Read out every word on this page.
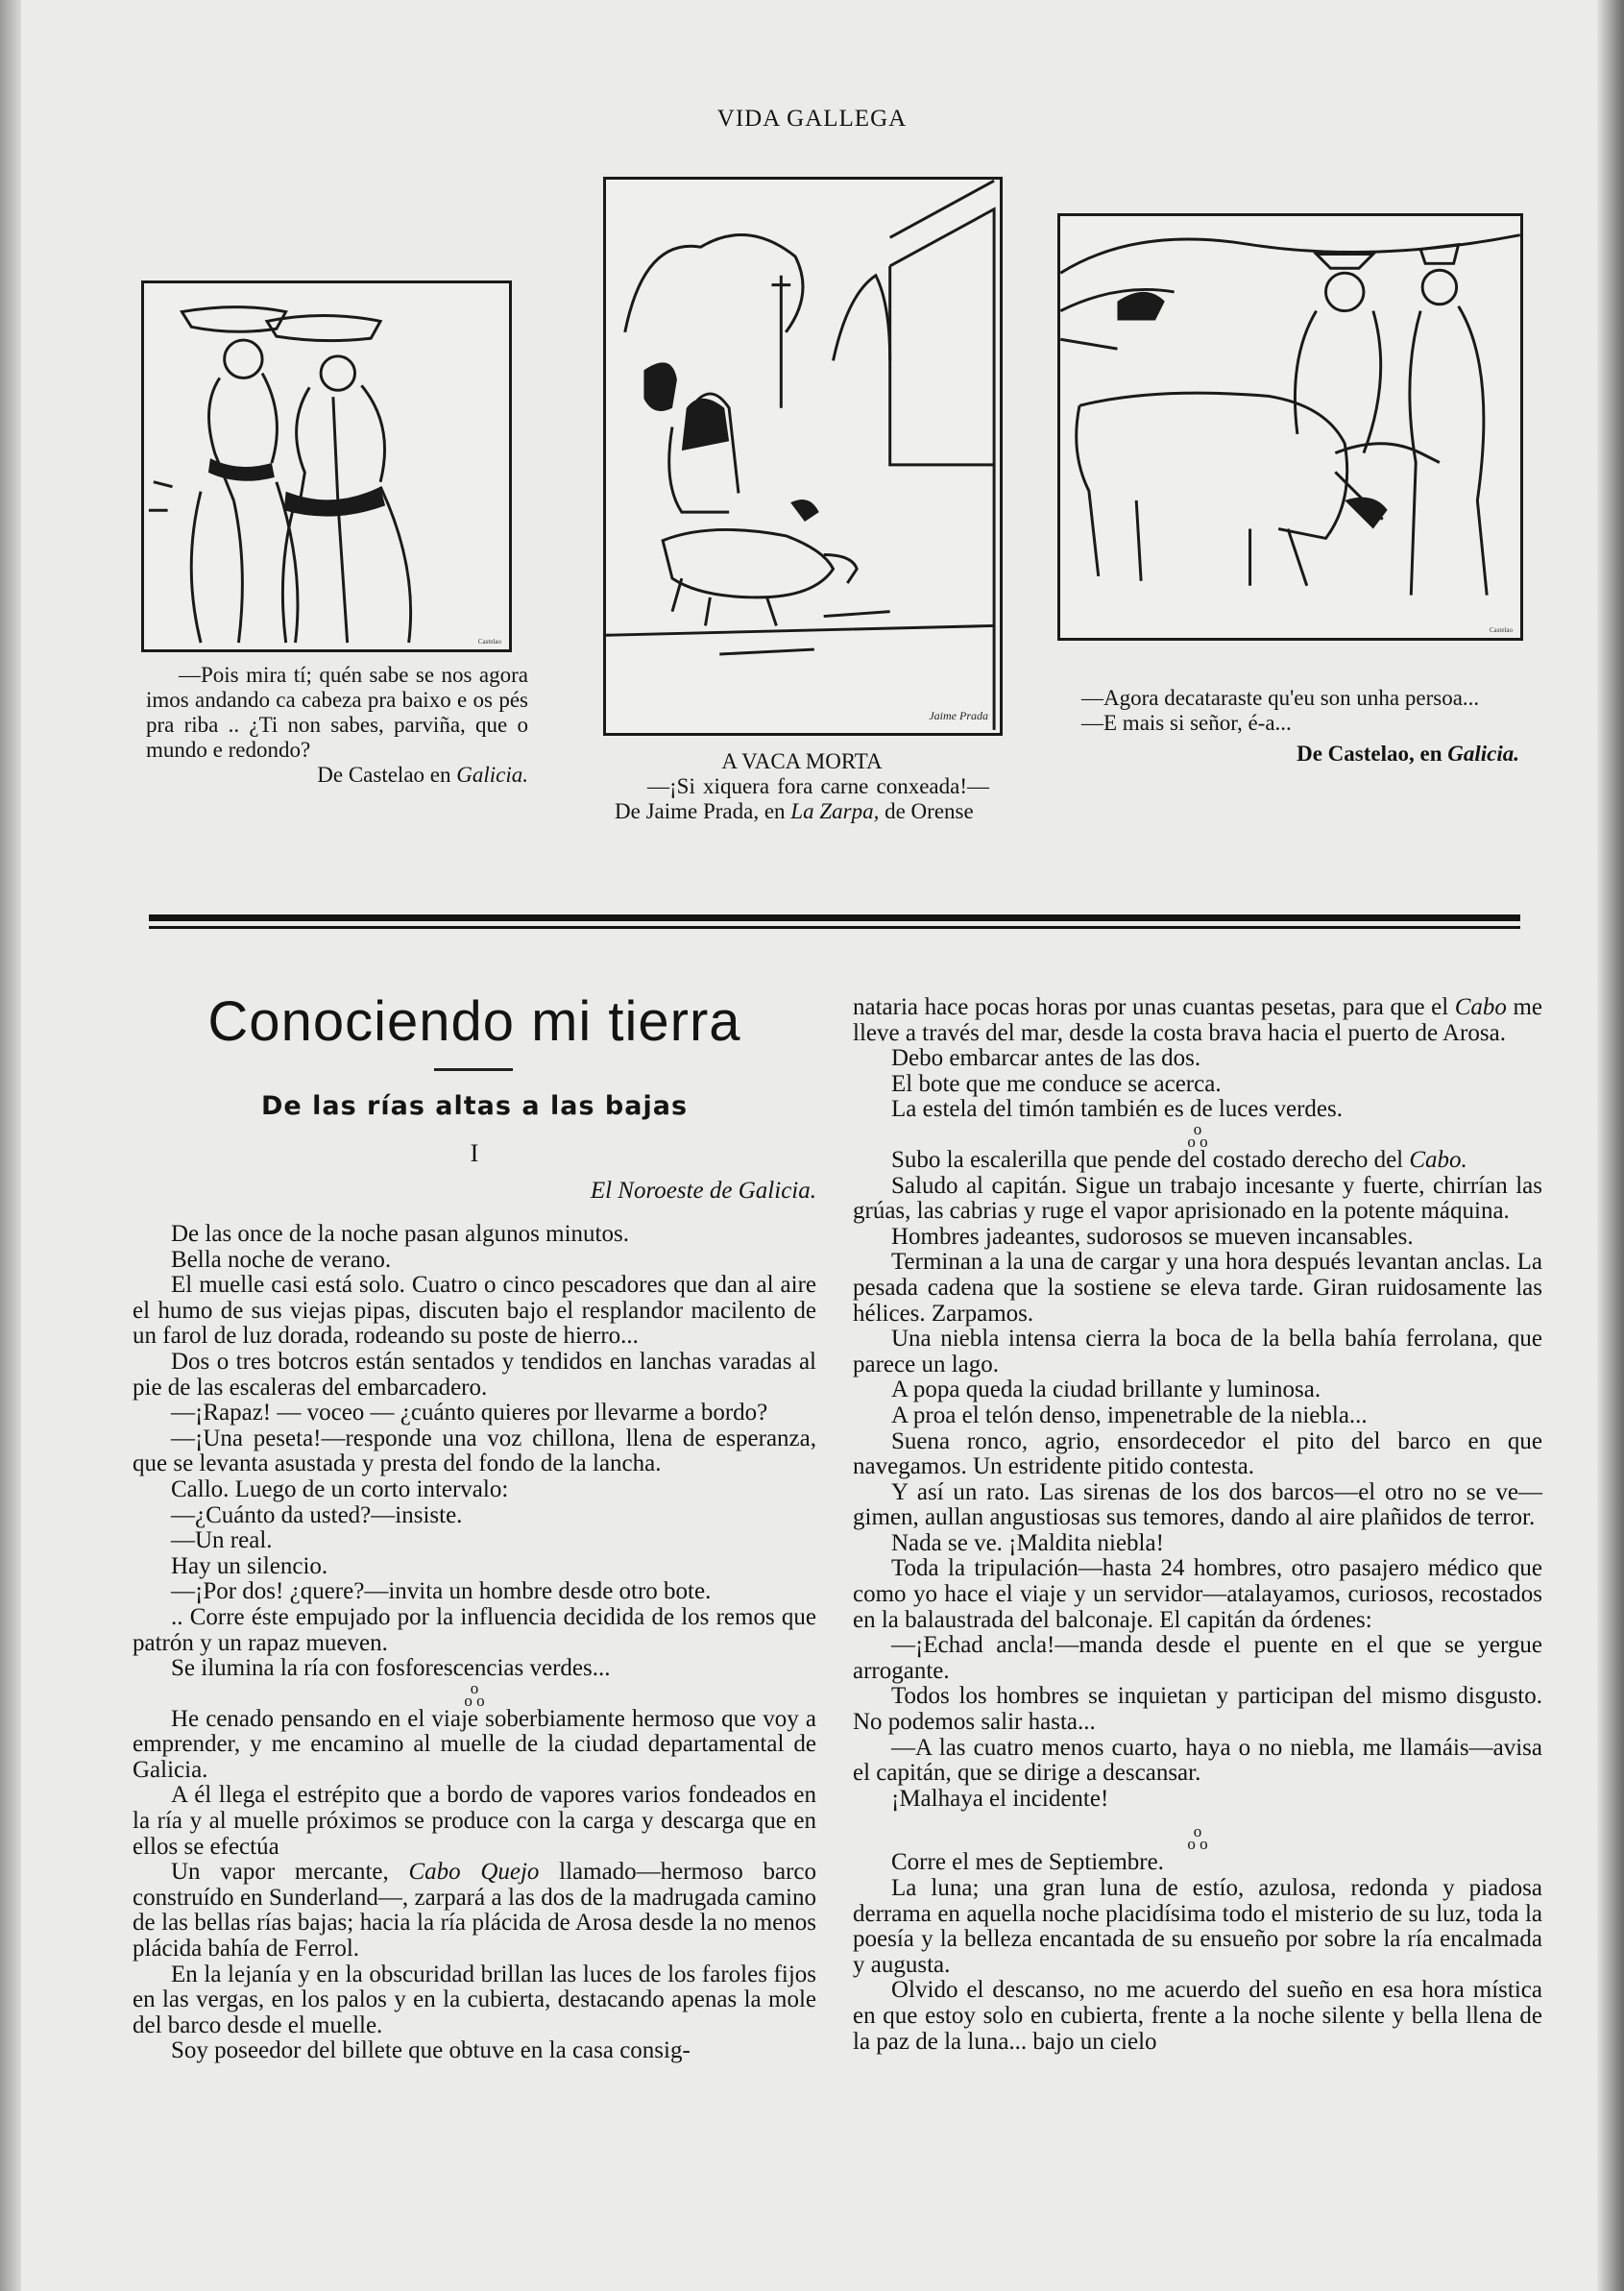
VIDA GALLEGA
Castelao

—Pois mira tí; quén sabe se nos agora imos andando ca cabeza pra baixo e os pés pra riba .. ¿Ti non sabes, parviña, que o mundo e redondo?

De Castelao en Galicia.

Jaime Prada

A VACA MORTA

—¡Si xiquera fora carne conxeada!—De Jaime Prada, en La Zarpa, de Orense

Castelao

—Agora decataraste qu'eu son unha persoa...

—E mais si señor, é-a...

De Castelao, en Galicia.

Conociendo mi tierra
De las rías altas a las bajas
I
El Noroeste de Galicia.

De las once de la noche pasan algunos minutos.

Bella noche de verano.

El muelle casi está solo. Cuatro o cinco pescadores que dan al aire el humo de sus viejas pipas, discuten bajo el resplandor macilento de un farol de luz dorada, rodeando su poste de hierro...

Dos o tres botcros están sentados y tendidos en lanchas varadas al pie de las escaleras del embarcadero.

—¡Rapaz! — voceo — ¿cuánto quieres por llevarme a bordo?

—¡Una peseta!—responde una voz chillona, llena de esperanza, que se levanta asustada y presta del fondo de la lancha.

Callo. Luego de un corto intervalo:

—¿Cuánto da usted?—insiste.

—Un real.

Hay un silencio.

—¡Por dos! ¿quere?—invita un hombre desde otro bote.

.. Corre éste empujado por la influencia decidida de los remos que patrón y un rapaz mueven.

Se ilumina la ría con fosforescencias verdes...

o
o o

He cenado pensando en el viaje soberbiamente hermoso que voy a emprender, y me encamino al muelle de la ciudad departamental de Galicia.

A él llega el estrépito que a bordo de vapores varios fondeados en la ría y al muelle próximos se produce con la carga y descarga que en ellos se efectúa

Un vapor mercante, Cabo Quejo llamado—hermoso barco construído en Sunderland—, zarpará a las dos de la madrugada camino de las bellas rías bajas; hacia la ría plácida de Arosa desde la no menos plácida bahía de Ferrol.

En la lejanía y en la obscuridad brillan las luces de los faroles fijos en las vergas, en los palos y en la cubierta, destacando apenas la mole del barco desde el muelle.

Soy poseedor del billete que obtuve en la casa consig-

nataria hace pocas horas por unas cuantas pesetas, para que el Cabo me lleve a través del mar, desde la costa brava hacia el puerto de Arosa.

Debo embarcar antes de las dos.

El bote que me conduce se acerca.

La estela del timón también es de luces verdes.

o
o o

Subo la escalerilla que pende del costado derecho del Cabo.

Saludo al capitán. Sigue un trabajo incesante y fuerte, chirrían las grúas, las cabrias y ruge el vapor aprisionado en la potente máquina.

Hombres jadeantes, sudorosos se mueven incansables.

Terminan a la una de cargar y una hora después levantan anclas. La pesada cadena que la sostiene se eleva tarde. Giran ruidosamente las hélices. Zarpamos.

Una niebla intensa cierra la boca de la bella bahía ferrolana, que parece un lago.

A popa queda la ciudad brillante y luminosa.

A proa el telón denso, impenetrable de la niebla...

Suena ronco, agrio, ensordecedor el pito del barco en que navegamos. Un estridente pitido contesta.

Y así un rato. Las sirenas de los dos barcos—el otro no se ve—gimen, aullan angustiosas sus temores, dando al aire plañidos de terror.

Nada se ve. ¡Maldita niebla!

Toda la tripulación—hasta 24 hombres, otro pasajero médico que como yo hace el viaje y un servidor—atalayamos, curiosos, recostados en la balaustrada del balconaje. El capitán da órdenes:

—¡Echad ancla!—manda desde el puente en el que se yergue arrogante.

Todos los hombres se inquietan y participan del mismo disgusto. No podemos salir hasta...

—A las cuatro menos cuarto, haya o no niebla, me llamáis—avisa el capitán, que se dirige a descansar.

¡Malhaya el incidente!

o
o o

Corre el mes de Septiembre.

La luna; una gran luna de estío, azulosa, redonda y piadosa derrama en aquella noche placidísima todo el misterio de su luz, toda la poesía y la belleza encantada de su ensueño por sobre la ría encalmada y augusta.

Olvido el descanso, no me acuerdo del sueño en esa hora mística en que estoy solo en cubierta, frente a la noche silente y bella llena de la paz de la luna... bajo un cielo
